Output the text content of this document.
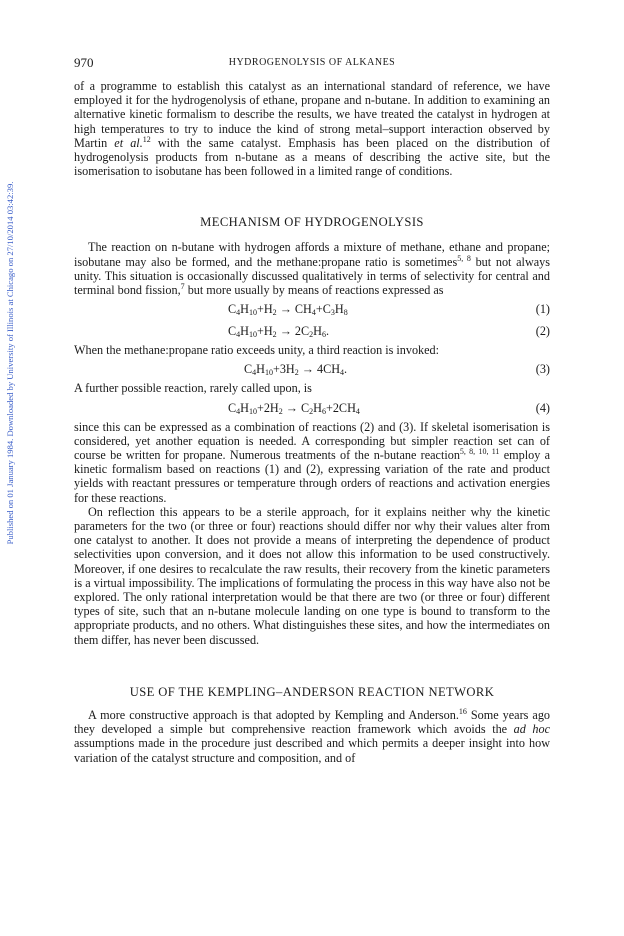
Published on 01 January 1984. Downloaded by University of Illinois at Chicago on 27/10/2014 03:42:39.
970	HYDROGENOLYSIS OF ALKANES

of a programme to establish this catalyst as an international standard of reference, we have employed it for the hydrogenolysis of ethane, propane and n-butane. In addition to examining an alternative kinetic formalism to describe the results, we have treated the catalyst in hydrogen at high temperatures to try to induce the kind of strong metal–support interaction observed by Martin et al.$^{12}$ with the same catalyst. Emphasis has been placed on the distribution of hydrogenolysis products from n-butane as a means of describing the active site, but the isomerisation to isobutane has been followed in a limited range of conditions.

MECHANISM OF HYDROGENOLYSIS

The reaction on n-butane with hydrogen affords a mixture of methane, ethane and propane; isobutane may also be formed, and the methane:propane ratio is sometimes$^{5, 8}$ but not always unity. This situation is occasionally discussed qualitatively in terms of selectivity for central and terminal bond fission,$^7$ but more usually by means of reactions expressed as

$C_4H_{10}+H_2 \to CH_4+C_3H_8$	(1)
$C_4H_{10}+H_2 \to 2C_2H_6$.	(2)

When the methane:propane ratio exceeds unity, a third reaction is invoked:

$C_4H_{10}+3H_2 \to 4CH_4$.	(3)

A further possible reaction, rarely called upon, is

$C_4H_{10}+2H_2 \to C_2H_6+2CH_4$	(4)

since this can be expressed as a combination of reactions (2) and (3). If skeletal isomerisation is considered, yet another equation is needed. A corresponding but simpler reaction set can of course be written for propane. Numerous treatments of the n-butane reaction$^{5, 8, 10, 11}$ employ a kinetic formalism based on reactions (1) and (2), expressing variation of the rate and product yields with reactant pressures or temperature through orders of reactions and activation energies for these reactions.

On reflection this appears to be a sterile approach, for it explains neither why the kinetic parameters for the two (or three or four) reactions should differ nor why their values alter from one catalyst to another. It does not provide a means of interpreting the dependence of product selectivities upon conversion, and it does not allow this information to be used constructively. Moreover, if one desires to recalculate the raw results, their recovery from the kinetic parameters is a virtual impossibility. The implications of formulating the process in this way have also not be explored. The only rational interpretation would be that there are two (or three or four) different types of site, such that an n-butane molecule landing on one type is bound to transform to the appropriate products, and no others. What distinguishes these sites, and how the intermediates on them differ, has never been discussed.

USE OF THE KEMPLING–ANDERSON REACTION NETWORK

A more constructive approach is that adopted by Kempling and Anderson.$^{16}$ Some years ago they developed a simple but comprehensive reaction framework which avoids the ad hoc assumptions made in the procedure just described and which permits a deeper insight into how variation of the catalyst structure and composition, and of
